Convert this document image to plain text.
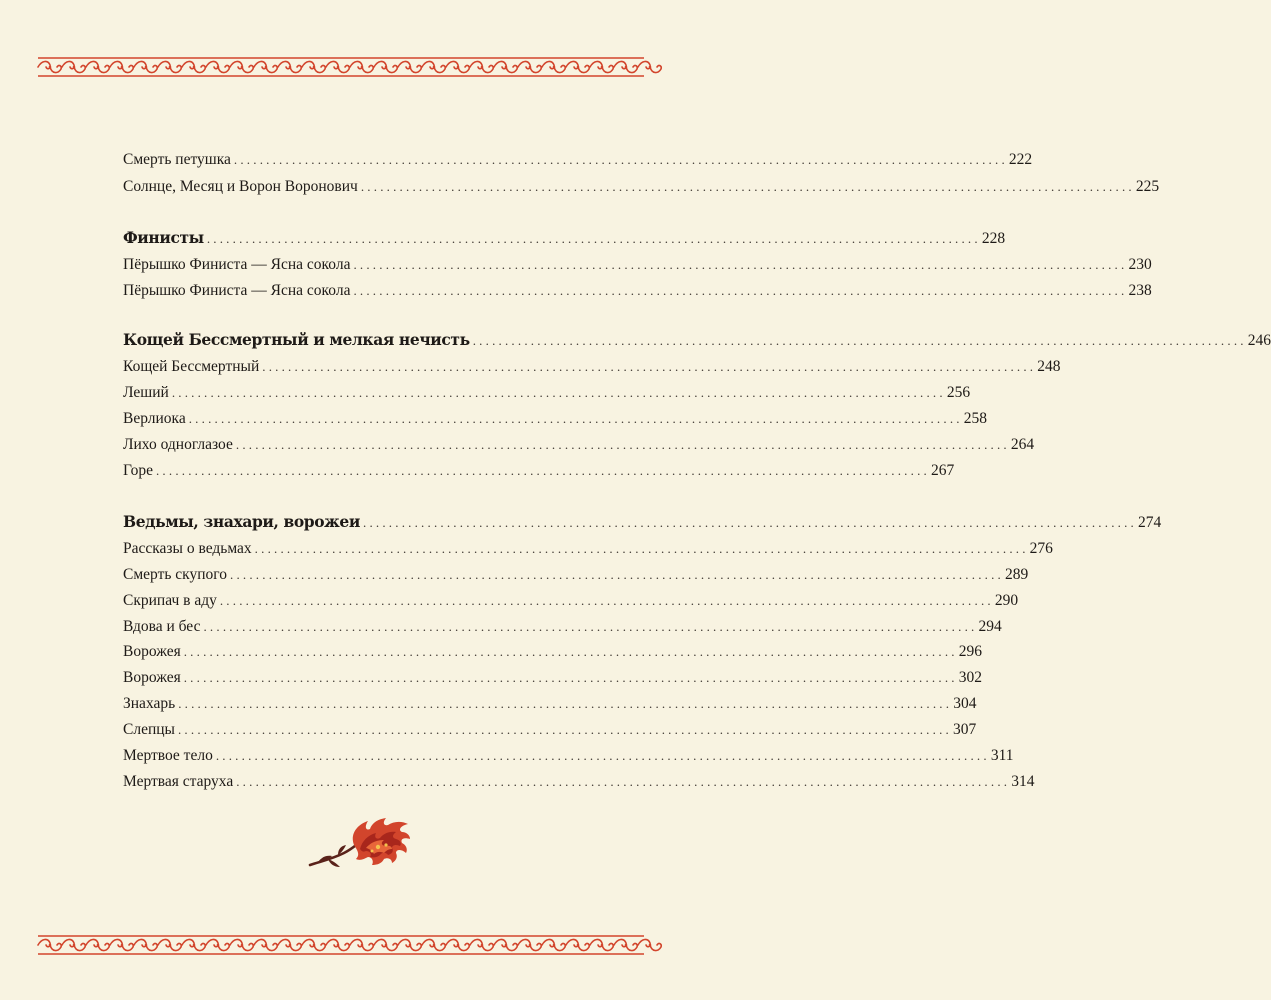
Смерть петушка ........................................................................................................................ 222
Солнце, Месяц и Ворон Воронович ........................................................................................................................ 225
Финисты ........................................................................................................................ 228
Пёрышко Финиста — Ясна сокола ........................................................................................................................ 230
Пёрышко Финиста — Ясна сокола ........................................................................................................................ 238
Кощей Бессмертный и мелкая нечисть ........................................................................................................................ 246
Кощей Бессмертный ........................................................................................................................ 248
Леший ........................................................................................................................ 256
Верлиока ........................................................................................................................ 258
Лихо одноглазое ........................................................................................................................ 264
Горе ........................................................................................................................ 267
Ведьмы, знахари, ворожеи ........................................................................................................................ 274
Рассказы о ведьмах ........................................................................................................................ 276
Смерть скупого ........................................................................................................................ 289
Скрипач в аду ........................................................................................................................ 290
Вдова и бес ........................................................................................................................ 294
Ворожея ........................................................................................................................ 296
Ворожея ........................................................................................................................ 302
Знахарь ........................................................................................................................ 304
Слепцы ........................................................................................................................ 307
Мертвое тело ........................................................................................................................ 311
Мертвая старуха ........................................................................................................................ 314
